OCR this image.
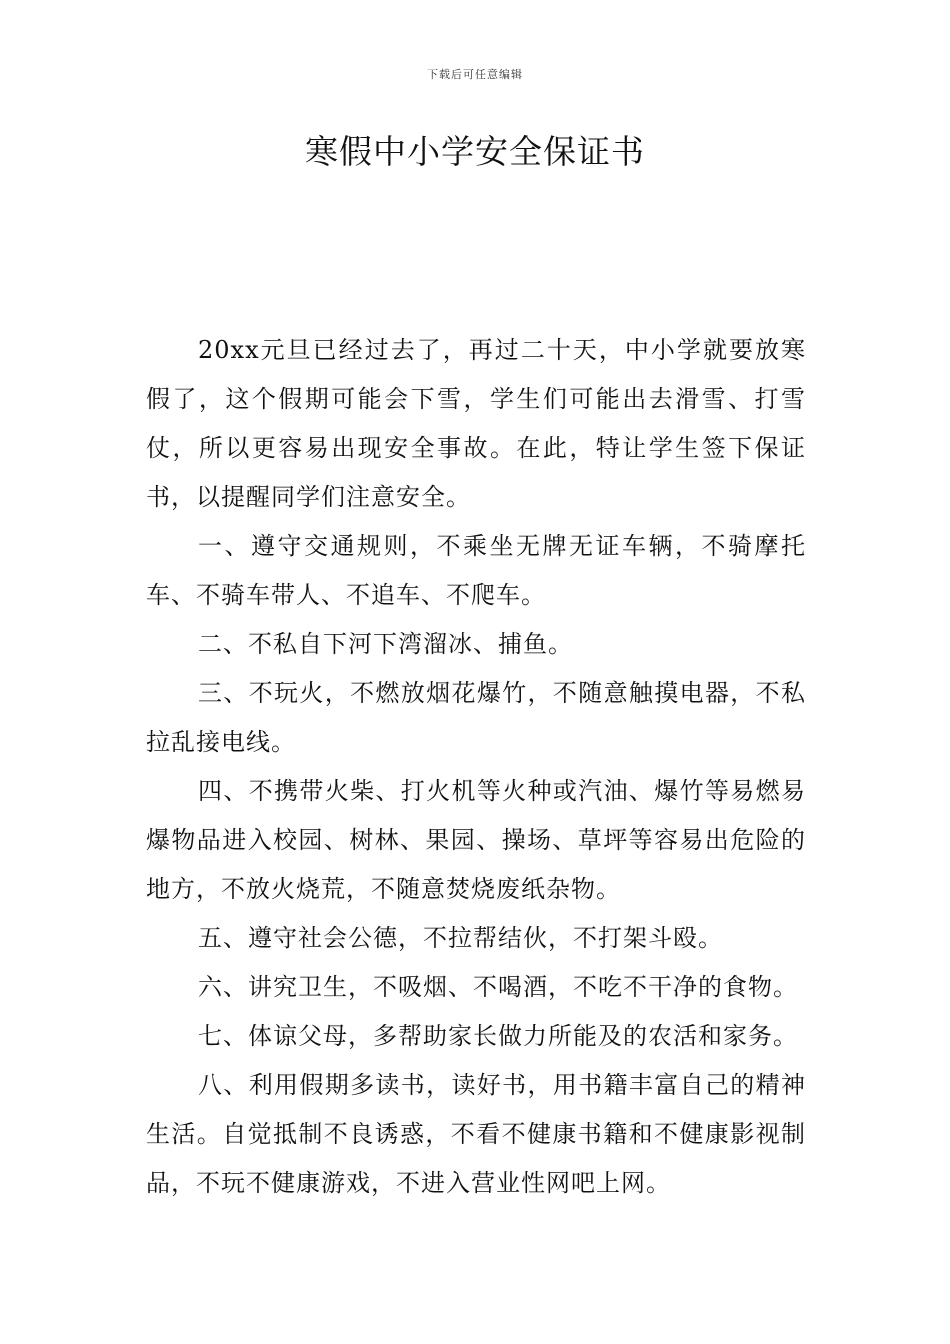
下载后可任意编辑
寒假中小学安全保证书

20xx元旦已经过去了，再过二十天，中小学就要放寒假了，这个假期可能会下雪，学生们可能出去滑雪、打雪仗，所以更容易出现安全事故。在此，特让学生签下保证书，以提醒同学们注意安全。

一、遵守交通规则，不乘坐无牌无证车辆，不骑摩托车、不骑车带人、不追车、不爬车。

二、不私自下河下湾溜冰、捕鱼。

三、不玩火，不燃放烟花爆竹，不随意触摸电器，不私拉乱接电线。

四、不携带火柴、打火机等火种或汽油、爆竹等易燃易爆物品进入校园、树林、果园、操场、草坪等容易出危险的地方，不放火烧荒，不随意焚烧废纸杂物。

五、遵守社会公德，不拉帮结伙，不打架斗殴。

六、讲究卫生，不吸烟、不喝酒，不吃不干净的食物。

七、体谅父母，多帮助家长做力所能及的农活和家务。

八、利用假期多读书，读好书，用书籍丰富自己的精神生活。自觉抵制不良诱惑，不看不健康书籍和不健康影视制品，不玩不健康游戏，不进入营业性网吧上网。
